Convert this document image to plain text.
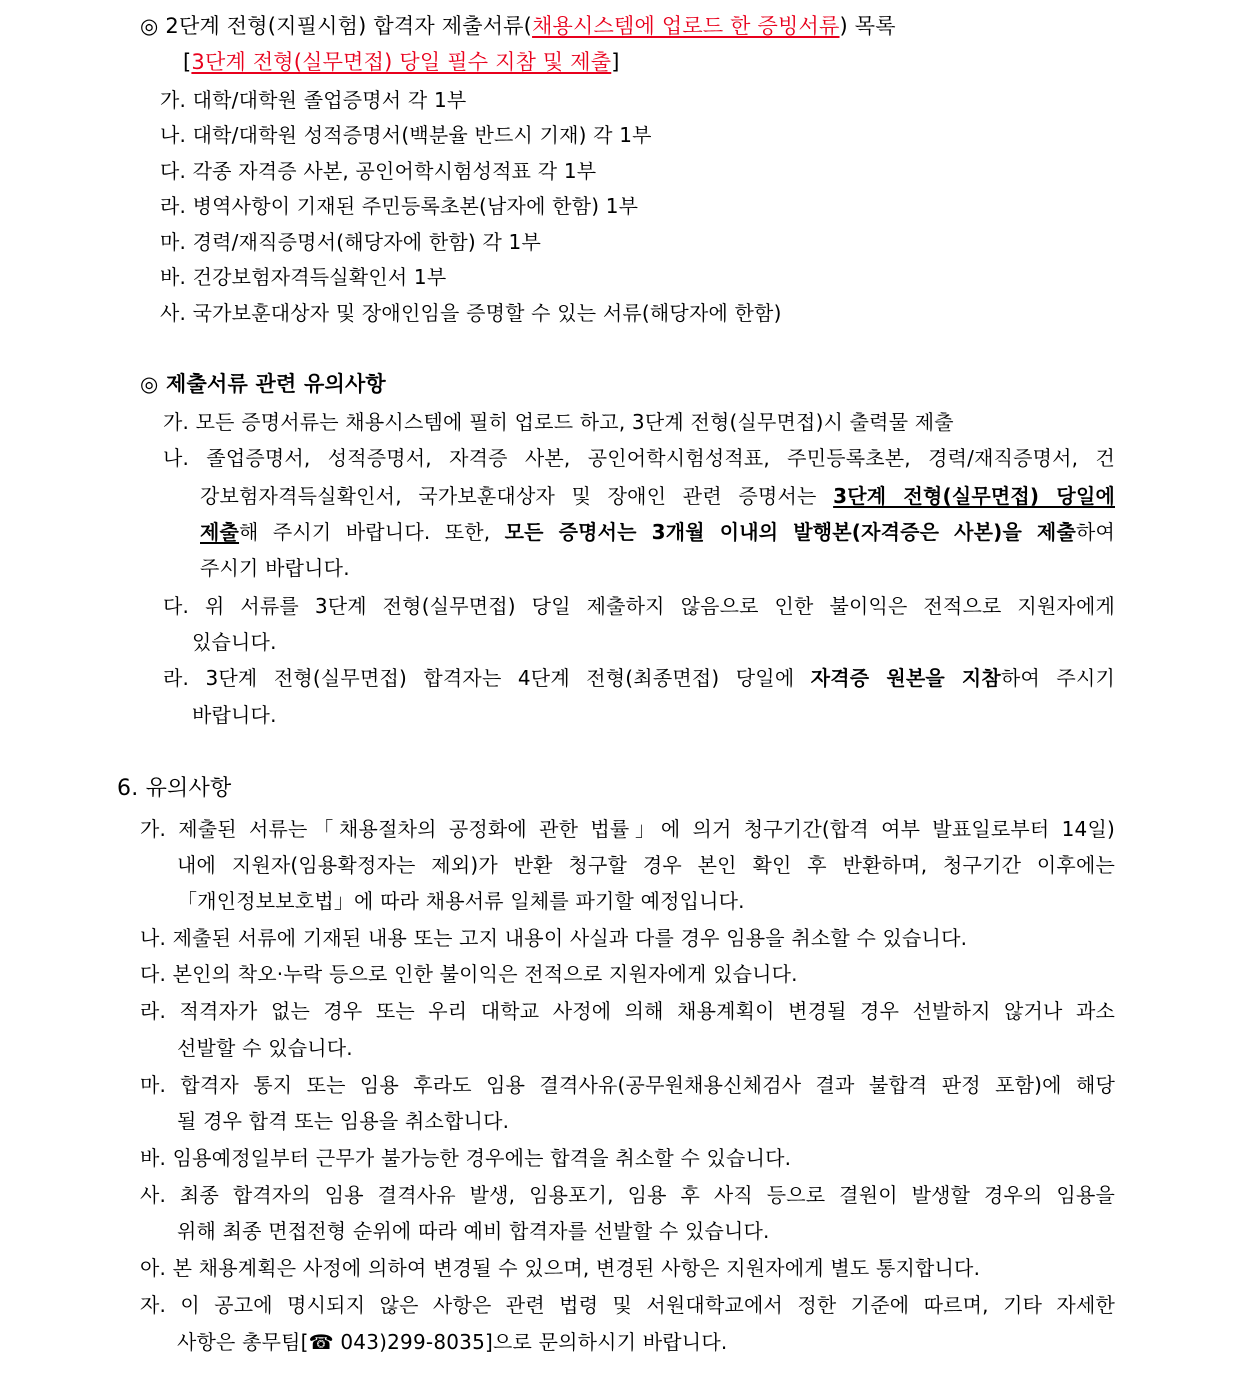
◎ 2단계 전형(지필시험) 합격자 제출서류(채용시스템에 업로드 한 증빙서류) 목록
[3단계 전형(실무면접) 당일 필수 지참 및 제출]
가. 대학/대학원 졸업증명서 각 1부
나. 대학/대학원 성적증명서(백분율 반드시 기재) 각 1부
다. 각종 자격증 사본, 공인어학시험성적표 각 1부
라. 병역사항이 기재된 주민등록초본(남자에 한함) 1부
마. 경력/재직증명서(해당자에 한함) 각 1부
바. 건강보험자격득실확인서 1부
사. 국가보훈대상자 및 장애인임을 증명할 수 있는 서류(해당자에 한함)
◎ 제출서류 관련 유의사항
가. 모든 증명서류는 채용시스템에 필히 업로드 하고, 3단계 전형(실무면접)시 출력물 제출
나. 졸업증명서, 성적증명서, 자격증 사본, 공인어학시험성적표, 주민등록초본, 경력/재직증명서, 건
강보험자격득실확인서, 국가보훈대상자 및 장애인 관련 증명서는 3단계 전형(실무면접) 당일에
제출해 주시기 바랍니다. 또한, 모든 증명서는 3개월 이내의 발행본(자격증은 사본)을 제출하여
주시기 바랍니다.
다. 위 서류를 3단계 전형(실무면접) 당일 제출하지 않음으로 인한 불이익은 전적으로 지원자에게
있습니다.
라. 3단계 전형(실무면접) 합격자는 4단계 전형(최종면접) 당일에 자격증 원본을 지참하여 주시기
바랍니다.
6. 유의사항
가. 제출된 서류는「채용절차의 공정화에 관한 법률」에 의거 청구기간(합격 여부 발표일로부터 14일)
내에 지원자(임용확정자는 제외)가 반환 청구할 경우 본인 확인 후 반환하며, 청구기간 이후에는
「개인정보보호법」에 따라 채용서류 일체를 파기할 예정입니다.
나. 제출된 서류에 기재된 내용 또는 고지 내용이 사실과 다를 경우 임용을 취소할 수 있습니다.
다. 본인의 착오·누락 등으로 인한 불이익은 전적으로 지원자에게 있습니다.
라. 적격자가 없는 경우 또는 우리 대학교 사정에 의해 채용계획이 변경될 경우 선발하지 않거나 과소
선발할 수 있습니다.
마. 합격자 통지 또는 임용 후라도 임용 결격사유(공무원채용신체검사 결과 불합격 판정 포함)에 해당
될 경우 합격 또는 임용을 취소합니다.
바. 임용예정일부터 근무가 불가능한 경우에는 합격을 취소할 수 있습니다.
사. 최종 합격자의 임용 결격사유 발생, 임용포기, 임용 후 사직 등으로 결원이 발생할 경우의 임용을
위해 최종 면접전형 순위에 따라 예비 합격자를 선발할 수 있습니다.
아. 본 채용계획은 사정에 의하여 변경될 수 있으며, 변경된 사항은 지원자에게 별도 통지합니다.
자. 이 공고에 명시되지 않은 사항은 관련 법령 및 서원대학교에서 정한 기준에 따르며, 기타 자세한
사항은 총무팀[☎ 043)299-8035]으로 문의하시기 바랍니다.
